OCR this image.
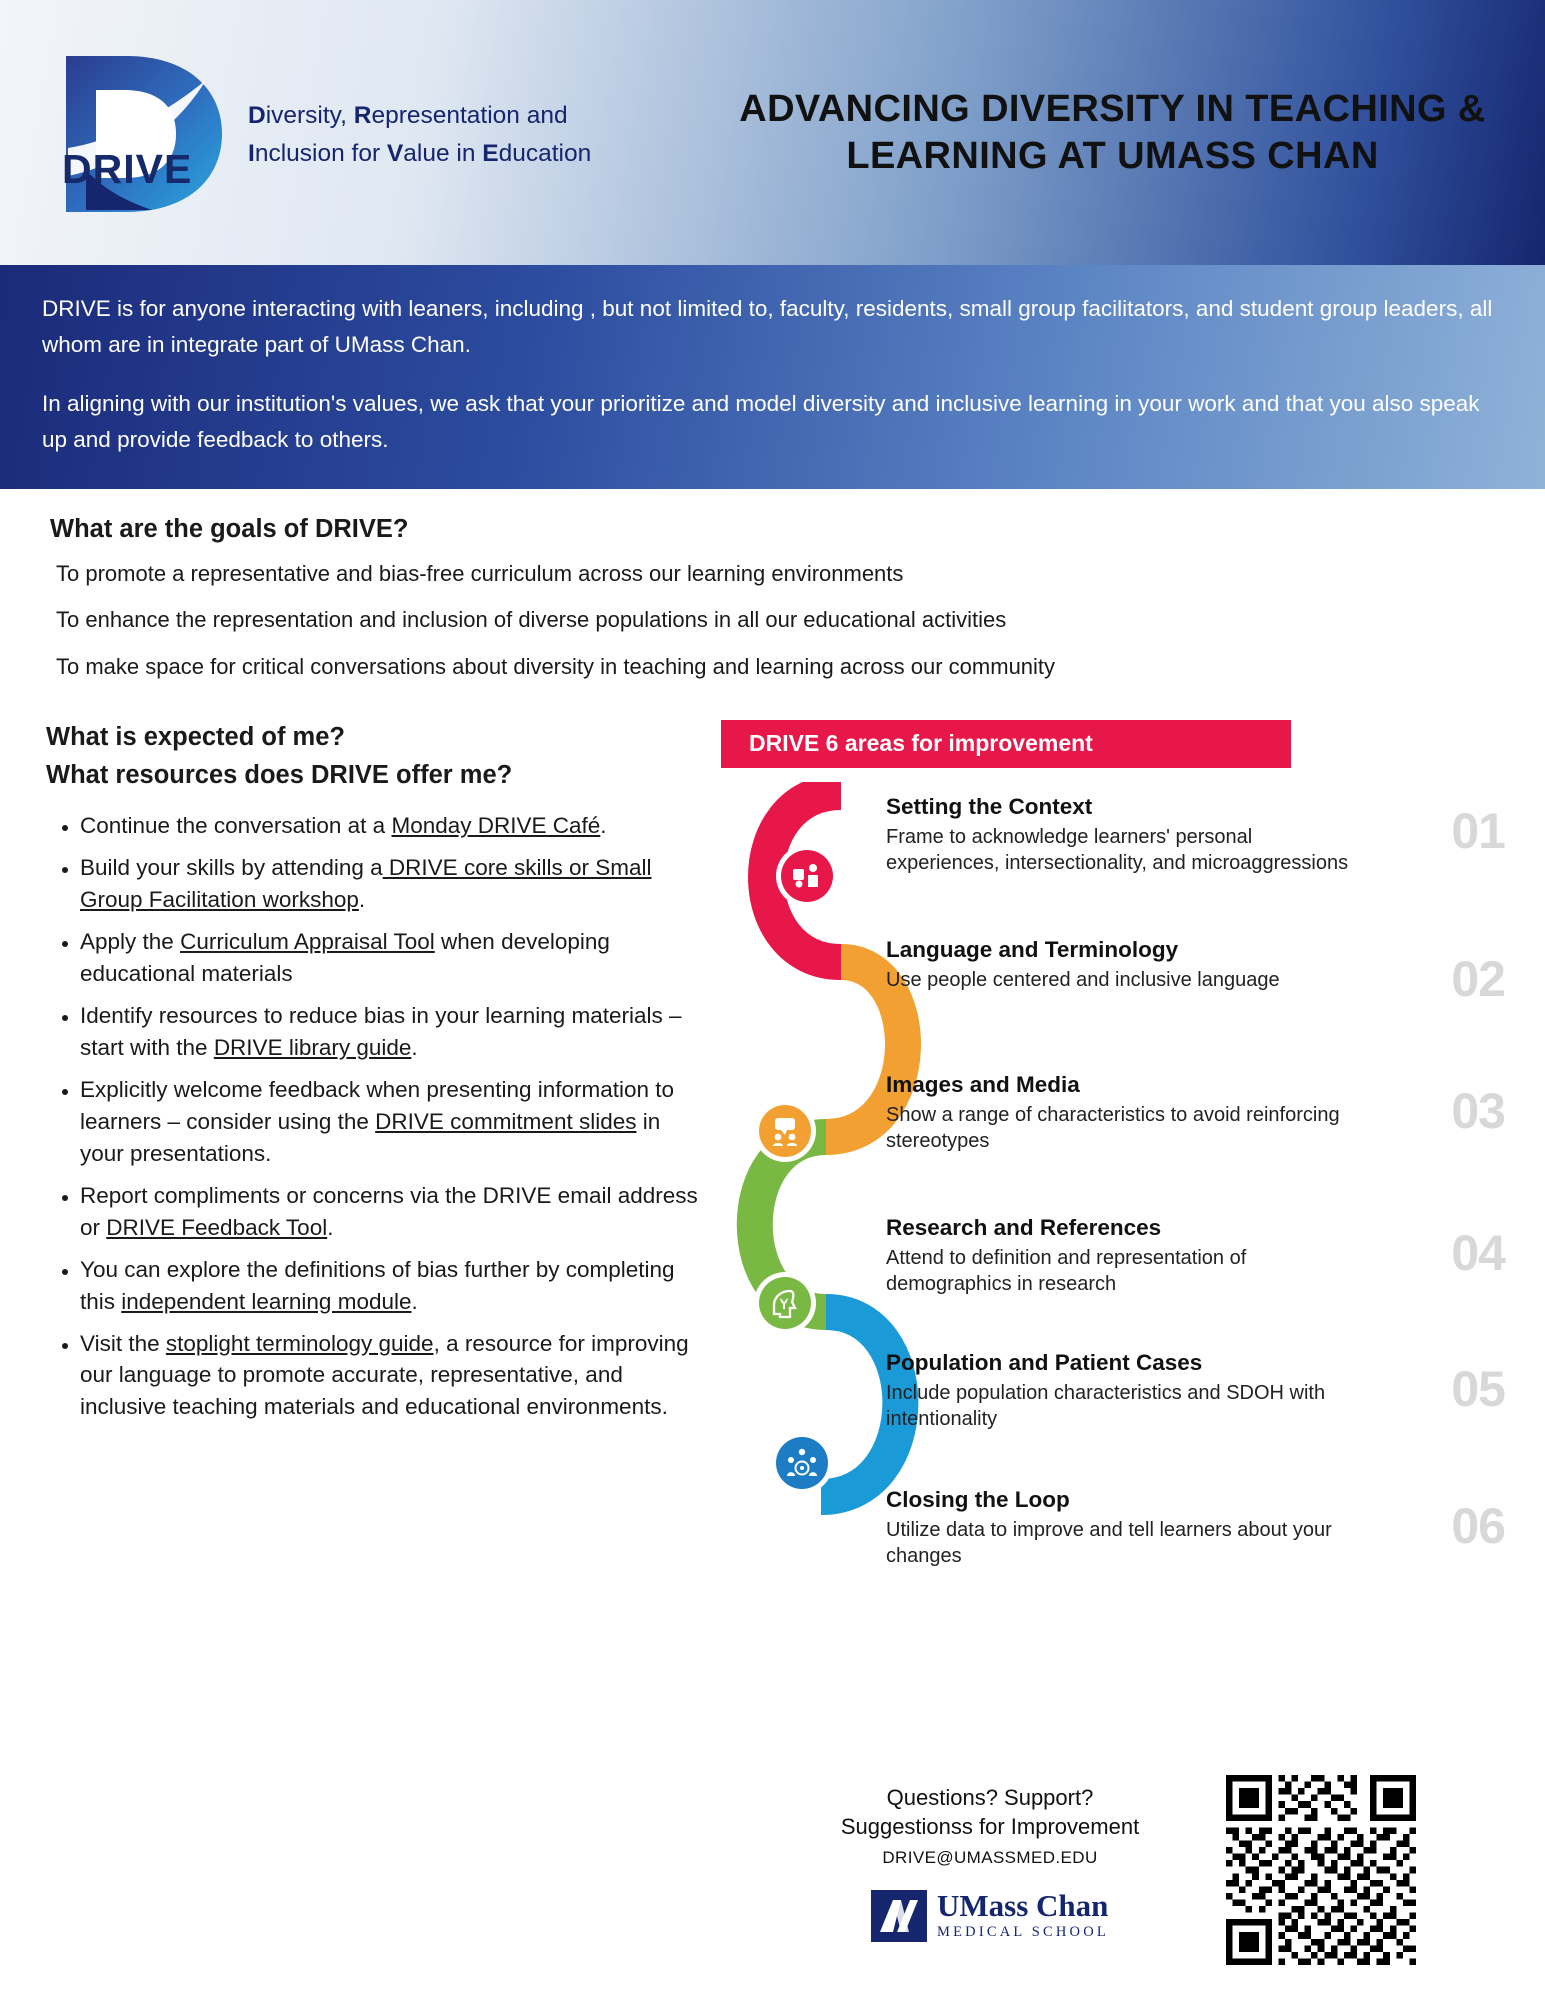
DRIVE
Diversity, Representation and
Inclusion for Value in Education
ADVANCING DIVERSITY IN TEACHING & LEARNING AT UMASS CHAN

DRIVE is for anyone interacting with leaners, including , but not limited to, faculty, residents, small group facilitators, and student group leaders, all whom are in integrate part of UMass Chan.

In aligning with our institution's values, we ask that your prioritize and model diversity and inclusive learning in your work and that you also speak up and provide feedback to others.

What are the goals of DRIVE?
To promote a representative and bias-free curriculum across our learning environments
To enhance the representation and inclusion of diverse populations in all our educational activities
To make space for critical conversations about diversity in teaching and learning across our community
What is expected of me?
What resources does DRIVE offer me?
• Continue the conversation at a Monday DRIVE Café.
• Build your skills by attending a DRIVE core skills or Small Group Facilitation workshop.
• Apply the Curriculum Appraisal Tool when developing educational materials
• Identify resources to reduce bias in your learning materials – start with the DRIVE library guide.
• Explicitly welcome feedback when presenting information to learners – consider using the DRIVE commitment slides in your presentations.
• Report compliments or concerns via the DRIVE email address or DRIVE Feedback Tool.
• You can explore the definitions of bias further by completing this independent learning module.
• Visit the stoplight terminology guide, a resource for improving our language to promote accurate, representative, and inclusive teaching materials and educational environments.
DRIVE 6 areas for improvement
Setting the Context

Frame to acknowledge learners' personal experiences, intersectionality, and microaggressions

01
Language and Terminology

Use people centered and inclusive language	02
Images and Media

Show a range of characteristics to avoid reinforcing stereotypes

03
Research and References

Attend to definition and representation of demographics in research

04
Population and Patient Cases

Include population characteristics and SDOH with intentionality

05
Closing the Loop

Utilize data to improve and tell learners about your changes

06
Questions? Support?
Suggestionss for Improvement
DRIVE@UMASSMED.EDU
UMass Chan
MEDICAL SCHOOL
